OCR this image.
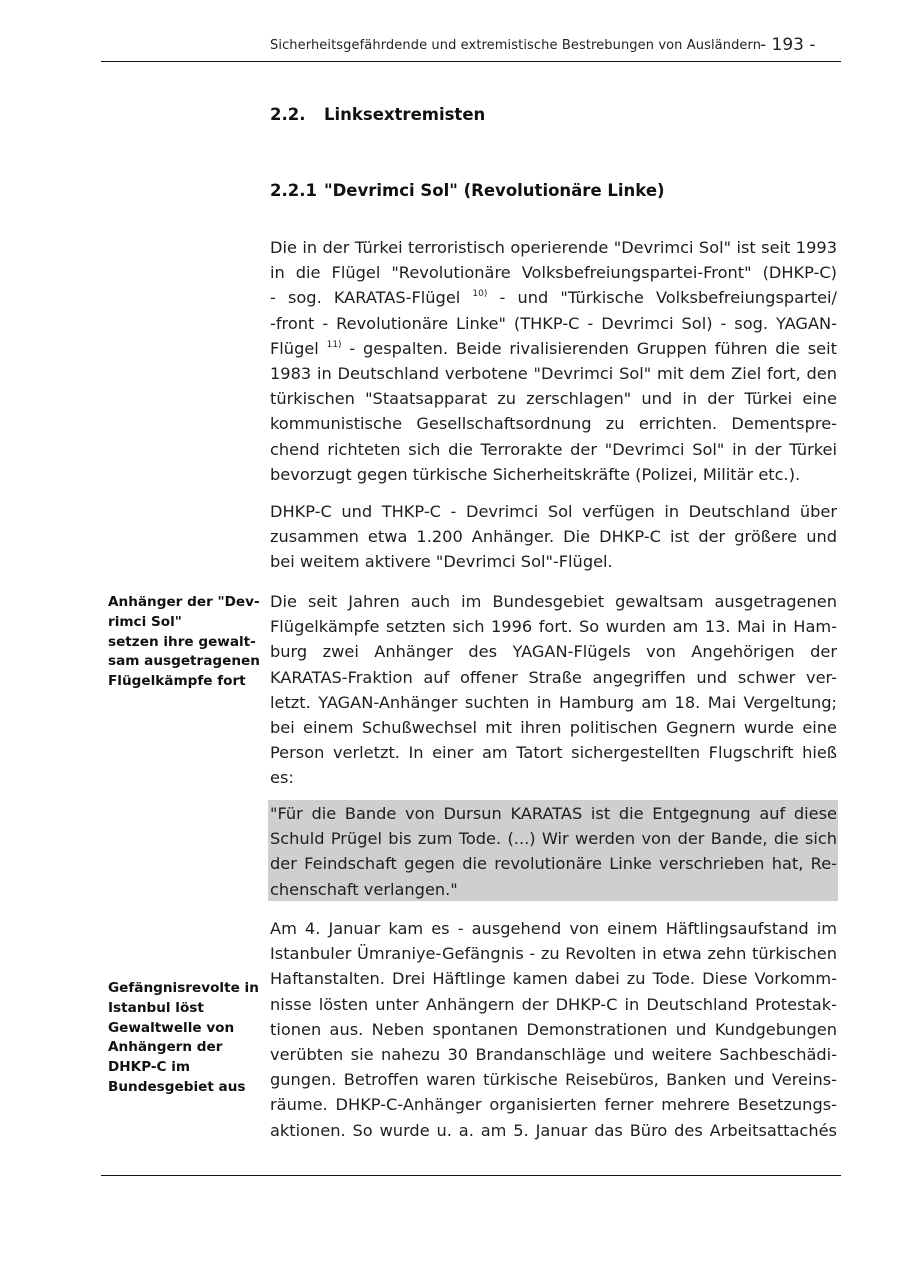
Sicherheitsgefährdende und extremistische Bestrebungen von Ausländern
- 193 -
2.2. Linksextremisten
2.2.1 "Devrimci Sol" (Revolutionäre Linke)
Die in der Türkei terroristisch operierende "Devrimci Sol" ist seit 1993
in die Flügel "Revolutionäre Volksbefreiungspartei-Front" (DHKP-C)
- sog. KARATAS-Flügel $^{10)}$ - und "Türkische Volksbefreiungspartei/
-front - Revolutionäre Linke" (THKP-C - Devrimci Sol) - sog. YAGAN-
Flügel $^{11)}$ - gespalten. Beide rivalisierenden Gruppen führen die seit
1983 in Deutschland verbotene "Devrimci Sol" mit dem Ziel fort, den
türkischen "Staatsapparat zu zerschlagen" und in der Türkei eine
kommunistische Gesellschaftsordnung zu errichten. Dementspre-
chend richteten sich die Terrorakte der "Devrimci Sol" in der Türkei
bevorzugt gegen türkische Sicherheitskräfte (Polizei, Militär etc.).
DHKP-C und THKP-C - Devrimci Sol verfügen in Deutschland über
zusammen etwa 1.200 Anhänger. Die DHKP-C ist der größere und
bei weitem aktivere "Devrimci Sol"-Flügel.
Anhänger der "Dev-
rimci Sol"
setzen ihre gewalt-
sam ausgetragenen
Flügelkämpfe fort
Die seit Jahren auch im Bundesgebiet gewaltsam ausgetragenen
Flügelkämpfe setzten sich 1996 fort. So wurden am 13. Mai in Ham-
burg zwei Anhänger des YAGAN-Flügels von Angehörigen der
KARATAS-Fraktion auf offener Straße angegriffen und schwer ver-
letzt. YAGAN-Anhänger suchten in Hamburg am 18. Mai Vergeltung;
bei einem Schußwechsel mit ihren politischen Gegnern wurde eine
Person verletzt. In einer am Tatort sichergestellten Flugschrift hieß
es:
"Für die Bande von Dursun KARATAS ist die Entgegnung auf diese
Schuld Prügel bis zum Tode. (...) Wir werden von der Bande, die sich
der Feindschaft gegen die revolutionäre Linke verschrieben hat, Re-
chenschaft verlangen."
Am 4. Januar kam es - ausgehend von einem Häftlingsaufstand im
Istanbuler Ümraniye-Gefängnis - zu Revolten in etwa zehn türkischen
Haftanstalten. Drei Häftlinge kamen dabei zu Tode. Diese Vorkomm-
nisse lösten unter Anhängern der DHKP-C in Deutschland Protestak-
tionen aus. Neben spontanen Demonstrationen und Kundgebungen
verübten sie nahezu 30 Brandanschläge und weitere Sachbeschädi-
gungen. Betroffen waren türkische Reisebüros, Banken und Vereins-
räume. DHKP-C-Anhänger organisierten ferner mehrere Besetzungs-
aktionen. So wurde u. a. am 5. Januar das Büro des Arbeitsattachés
Gefängnisrevolte in
Istanbul löst
Gewaltwelle von
Anhängern der
DHKP-C im
Bundesgebiet aus
